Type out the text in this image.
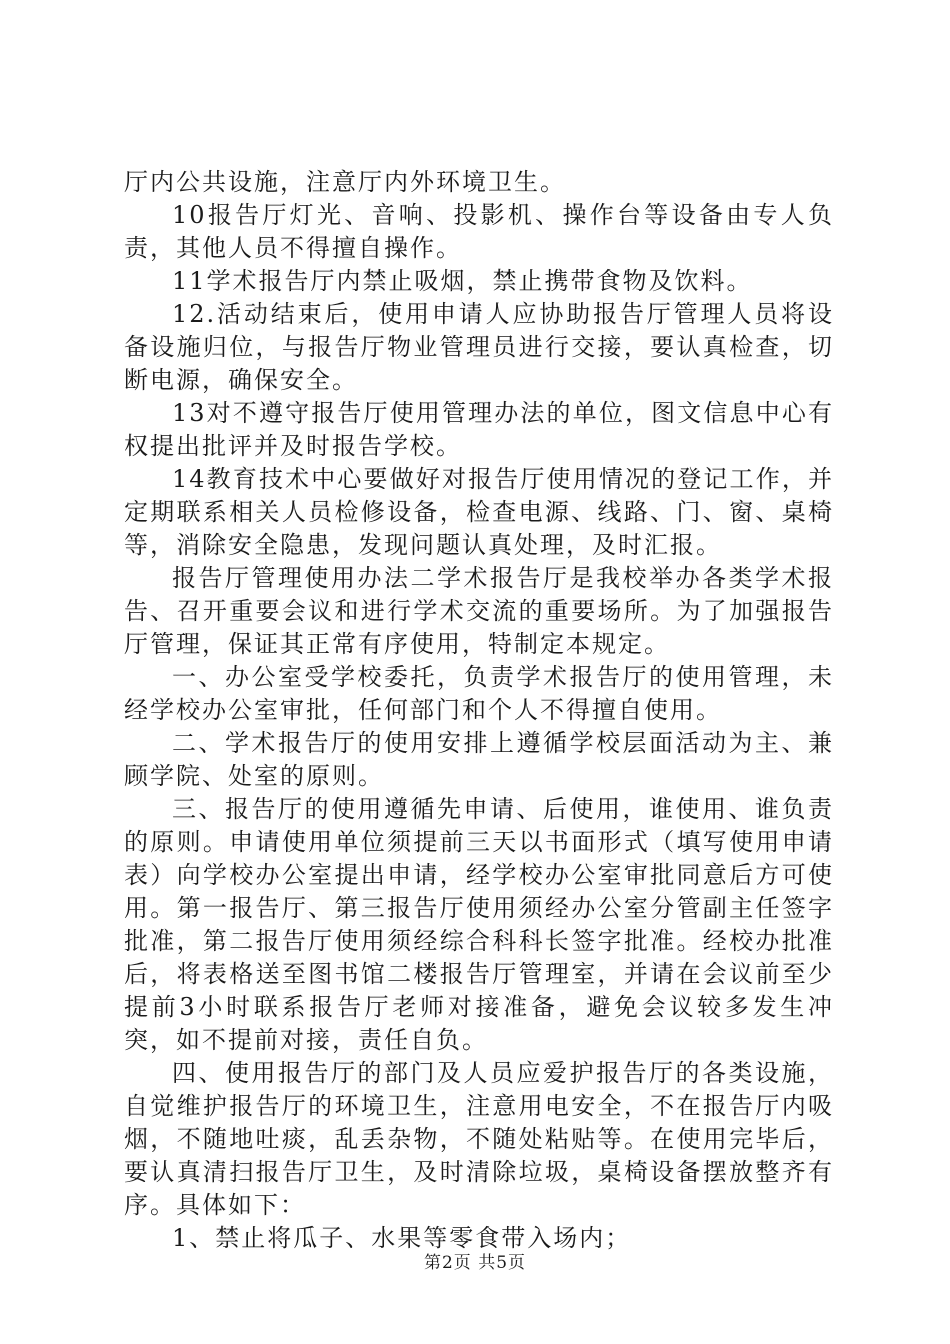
厅内公共设施，注意厅内外环境卫生。

10报告厅灯光、音响、投影机、操作台等设备由专人负责，其他人员不得擅自操作。

11学术报告厅内禁止吸烟，禁止携带食物及饮料。

12.活动结束后，使用申请人应协助报告厅管理人员将设备设施归位，与报告厅物业管理员进行交接，要认真检查，切断电源，确保安全。

13对不遵守报告厅使用管理办法的单位，图文信息中心有权提出批评并及时报告学校。

14教育技术中心要做好对报告厅使用情况的登记工作，并定期联系相关人员检修设备，检查电源、线路、门、窗、桌椅等，消除安全隐患，发现问题认真处理，及时汇报。

报告厅管理使用办法二学术报告厅是我校举办各类学术报告、召开重要会议和进行学术交流的重要场所。为了加强报告厅管理，保证其正常有序使用，特制定本规定。

一、办公室受学校委托，负责学术报告厅的使用管理，未经学校办公室审批，任何部门和个人不得擅自使用。

二、学术报告厅的使用安排上遵循学校层面活动为主、兼顾学院、处室的原则。

三、报告厅的使用遵循先申请、后使用，谁使用、谁负责的原则。申请使用单位须提前三天以书面形式（填写使用申请表）向学校办公室提出申请，经学校办公室审批同意后方可使用。第一报告厅、第三报告厅使用须经办公室分管副主任签字批准，第二报告厅使用须经综合科科长签字批准。经校办批准后，将表格送至图书馆二楼报告厅管理室，并请在会议前至少提前3小时联系报告厅老师对接准备，避免会议较多发生冲突，如不提前对接，责任自负。

四、使用报告厅的部门及人员应爱护报告厅的各类设施，自觉维护报告厅的环境卫生，注意用电安全，不在报告厅内吸烟，不随地吐痰，乱丢杂物，不随处粘贴等。在使用完毕后，要认真清扫报告厅卫生，及时清除垃圾，桌椅设备摆放整齐有序。具体如下：

1、禁止将瓜子、水果等零食带入场内；

第2页 共5页
